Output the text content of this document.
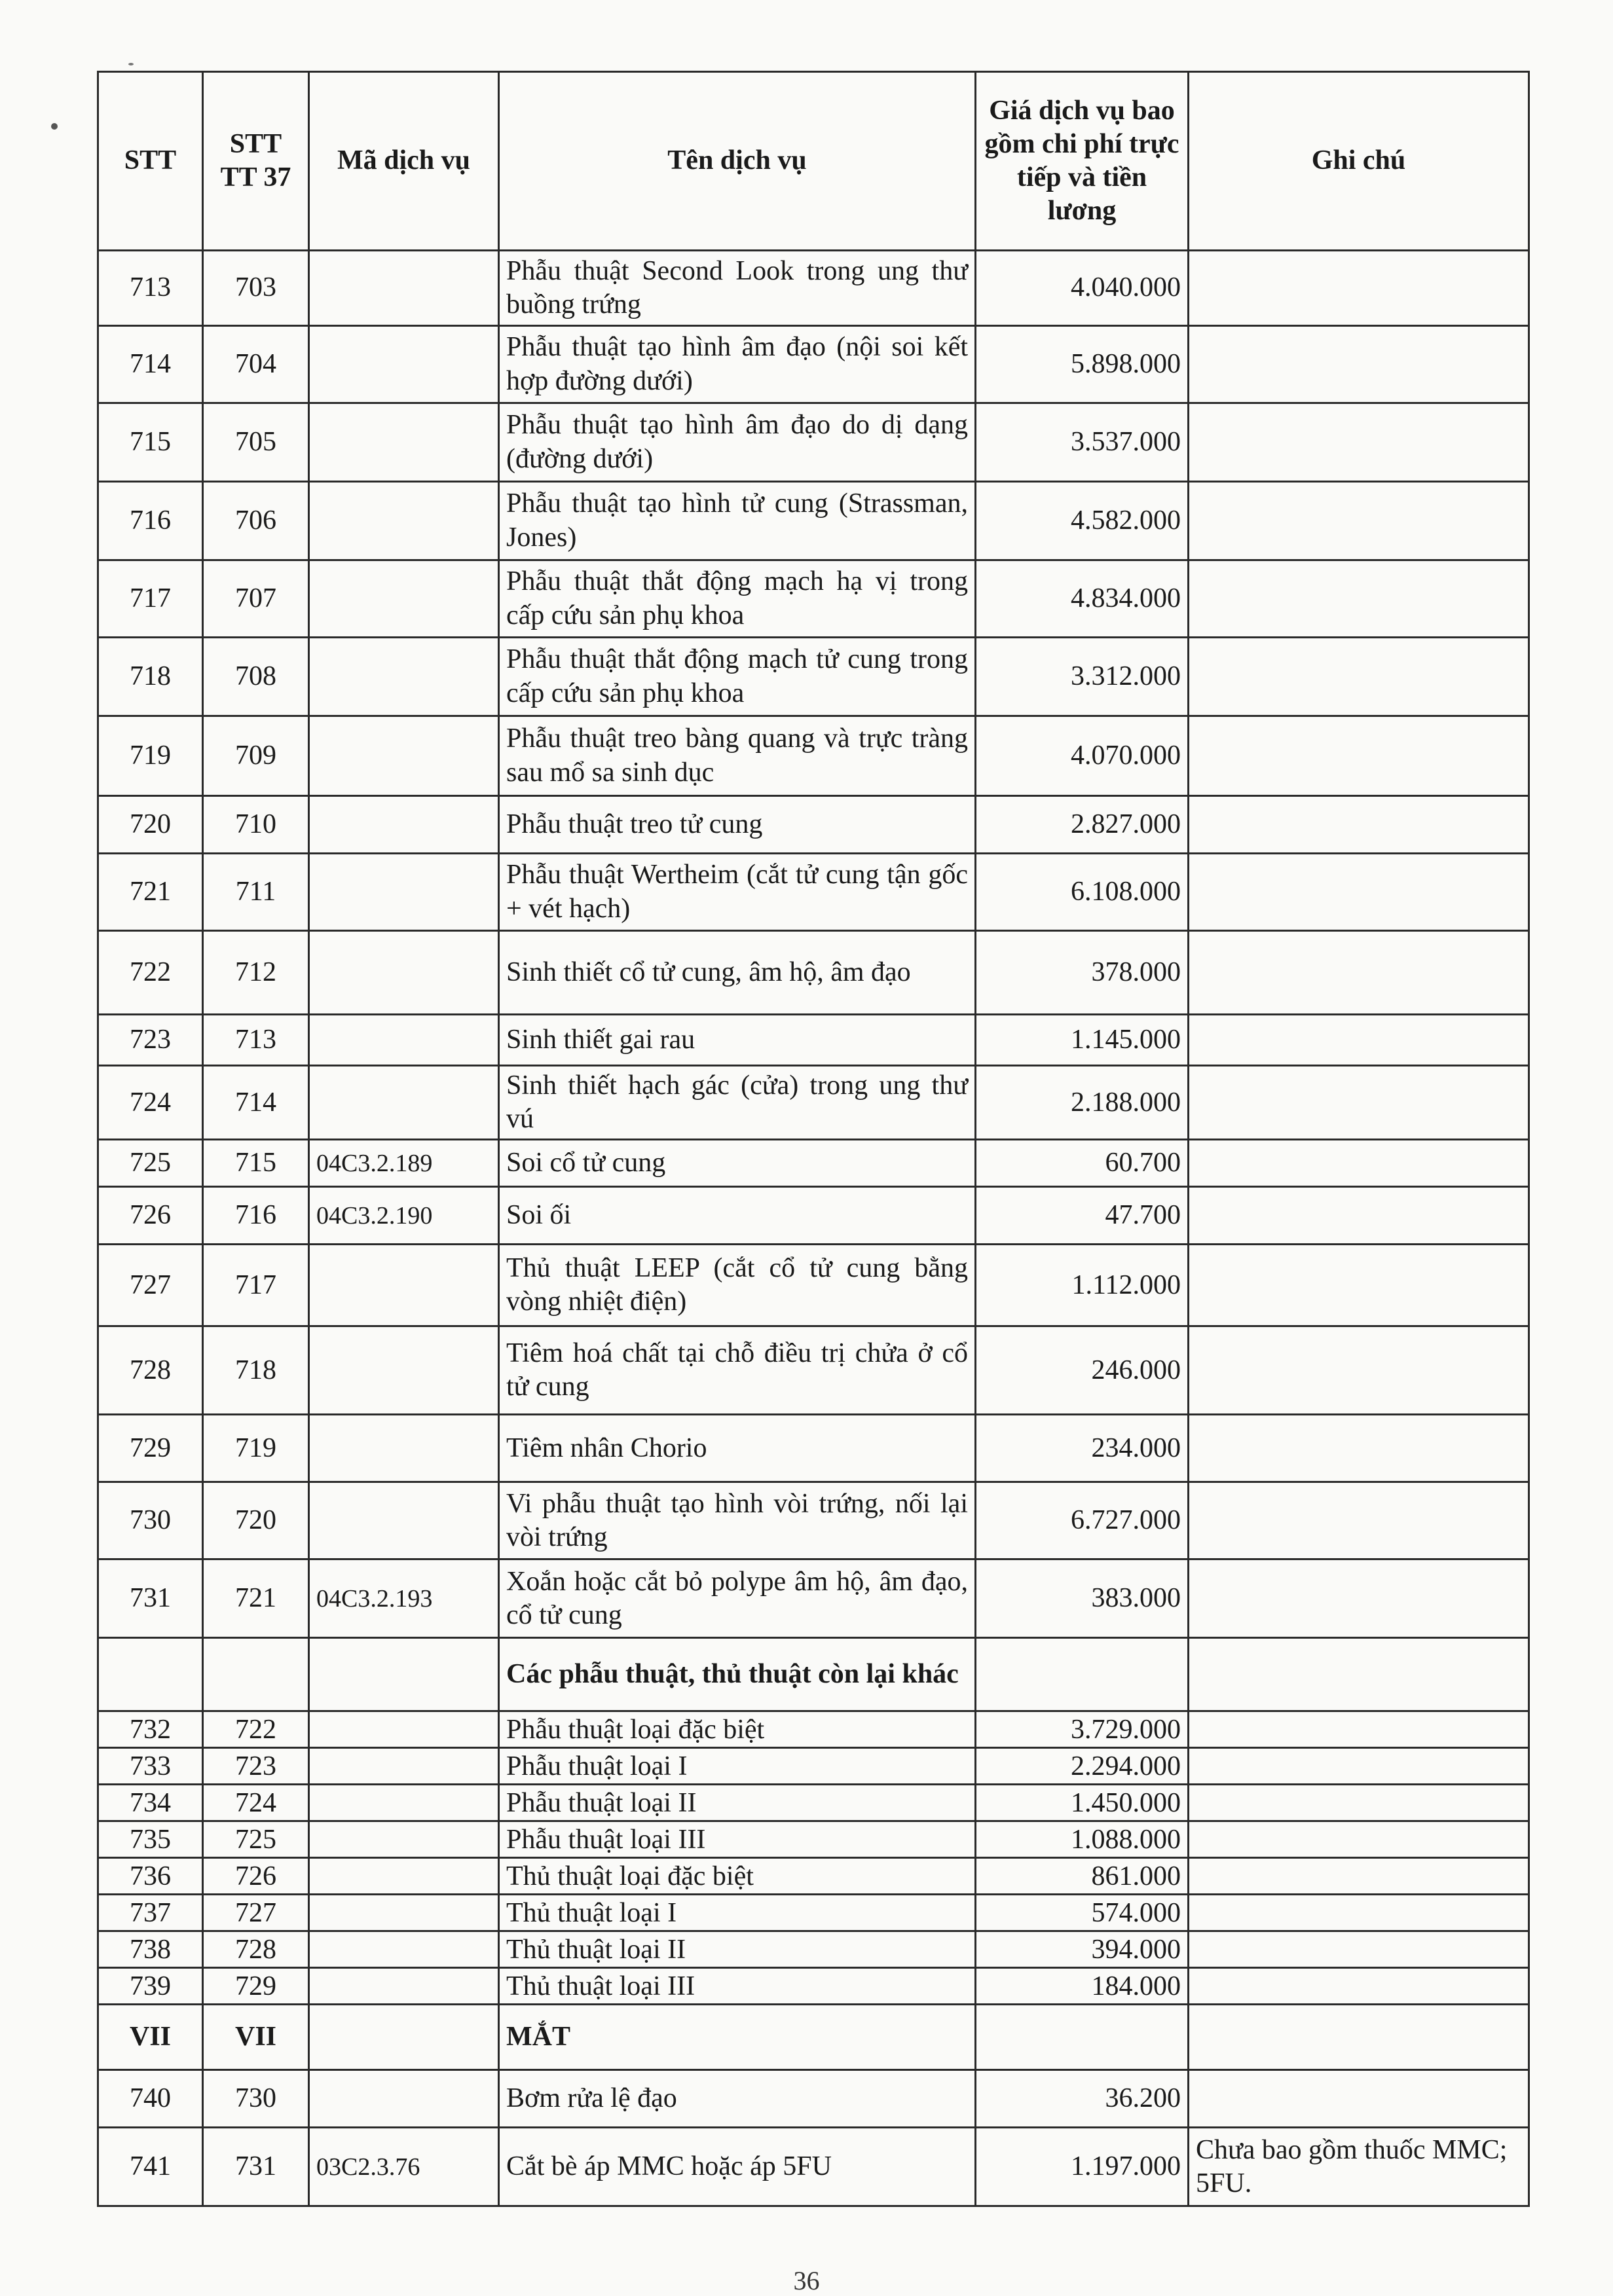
STT	STT TT 37	Mã dịch vụ	Tên dịch vụ	Giá dịch vụ bao gồm chi phí trực tiếp và tiền lương	Ghi chú
713	703		Phẫu thuật Second Look trong ung thư buồng trứng	4.040.000	
714	704		Phẫu thuật tạo hình âm đạo (nội soi kết hợp đường dưới)	5.898.000	
715	705		Phẫu thuật tạo hình âm đạo do dị dạng (đường dưới)	3.537.000	
716	706		Phẫu thuật tạo hình tử cung (Strassman, Jones)	4.582.000	
717	707		Phẫu thuật thắt động mạch hạ vị trong cấp cứu sản phụ khoa	4.834.000	
718	708		Phẫu thuật thắt động mạch tử cung trong cấp cứu sản phụ khoa	3.312.000	
719	709		Phẫu thuật treo bàng quang và trực tràng sau mổ sa sinh dục	4.070.000	
720	710		Phẫu thuật treo tử cung	2.827.000	
721	711		Phẫu thuật Wertheim (cắt tử cung tận gốc + vét hạch)	6.108.000	
722	712		Sinh thiết cổ tử cung, âm hộ, âm đạo	378.000	
723	713		Sinh thiết gai rau	1.145.000	
724	714		Sinh thiết hạch gác (cửa) trong ung thư vú	2.188.000	
725	715	04C3.2.189	Soi cổ tử cung	60.700	
726	716	04C3.2.190	Soi ối	47.700	
727	717		Thủ thuật LEEP (cắt cổ tử cung bằng vòng nhiệt điện)	1.112.000	
728	718		Tiêm hoá chất tại chỗ điều trị chửa ở cổ tử cung	246.000	
729	719		Tiêm nhân Chorio	234.000	
730	720		Vi phẫu thuật tạo hình vòi trứng, nối lại vòi trứng	6.727.000	
731	721	04C3.2.193	Xoắn hoặc cắt bỏ polype âm hộ, âm đạo, cổ tử cung	383.000	
			Các phẫu thuật, thủ thuật còn lại khác		
732	722		Phẫu thuật loại đặc biệt	3.729.000	
733	723		Phẫu thuật loại I	2.294.000	
734	724		Phẫu thuật loại II	1.450.000	
735	725		Phẫu thuật loại III	1.088.000	
736	726		Thủ thuật loại đặc biệt	861.000	
737	727		Thủ thuật loại I	574.000	
738	728		Thủ thuật loại II	394.000	
739	729		Thủ thuật loại III	184.000	
VII	VII		MẮT		
740	730		Bơm rửa lệ đạo	36.200	
741	731	03C2.3.76	Cắt bè áp MMC hoặc áp 5FU	1.197.000	Chưa bao gồm thuốc MMC; 5FU.
36
